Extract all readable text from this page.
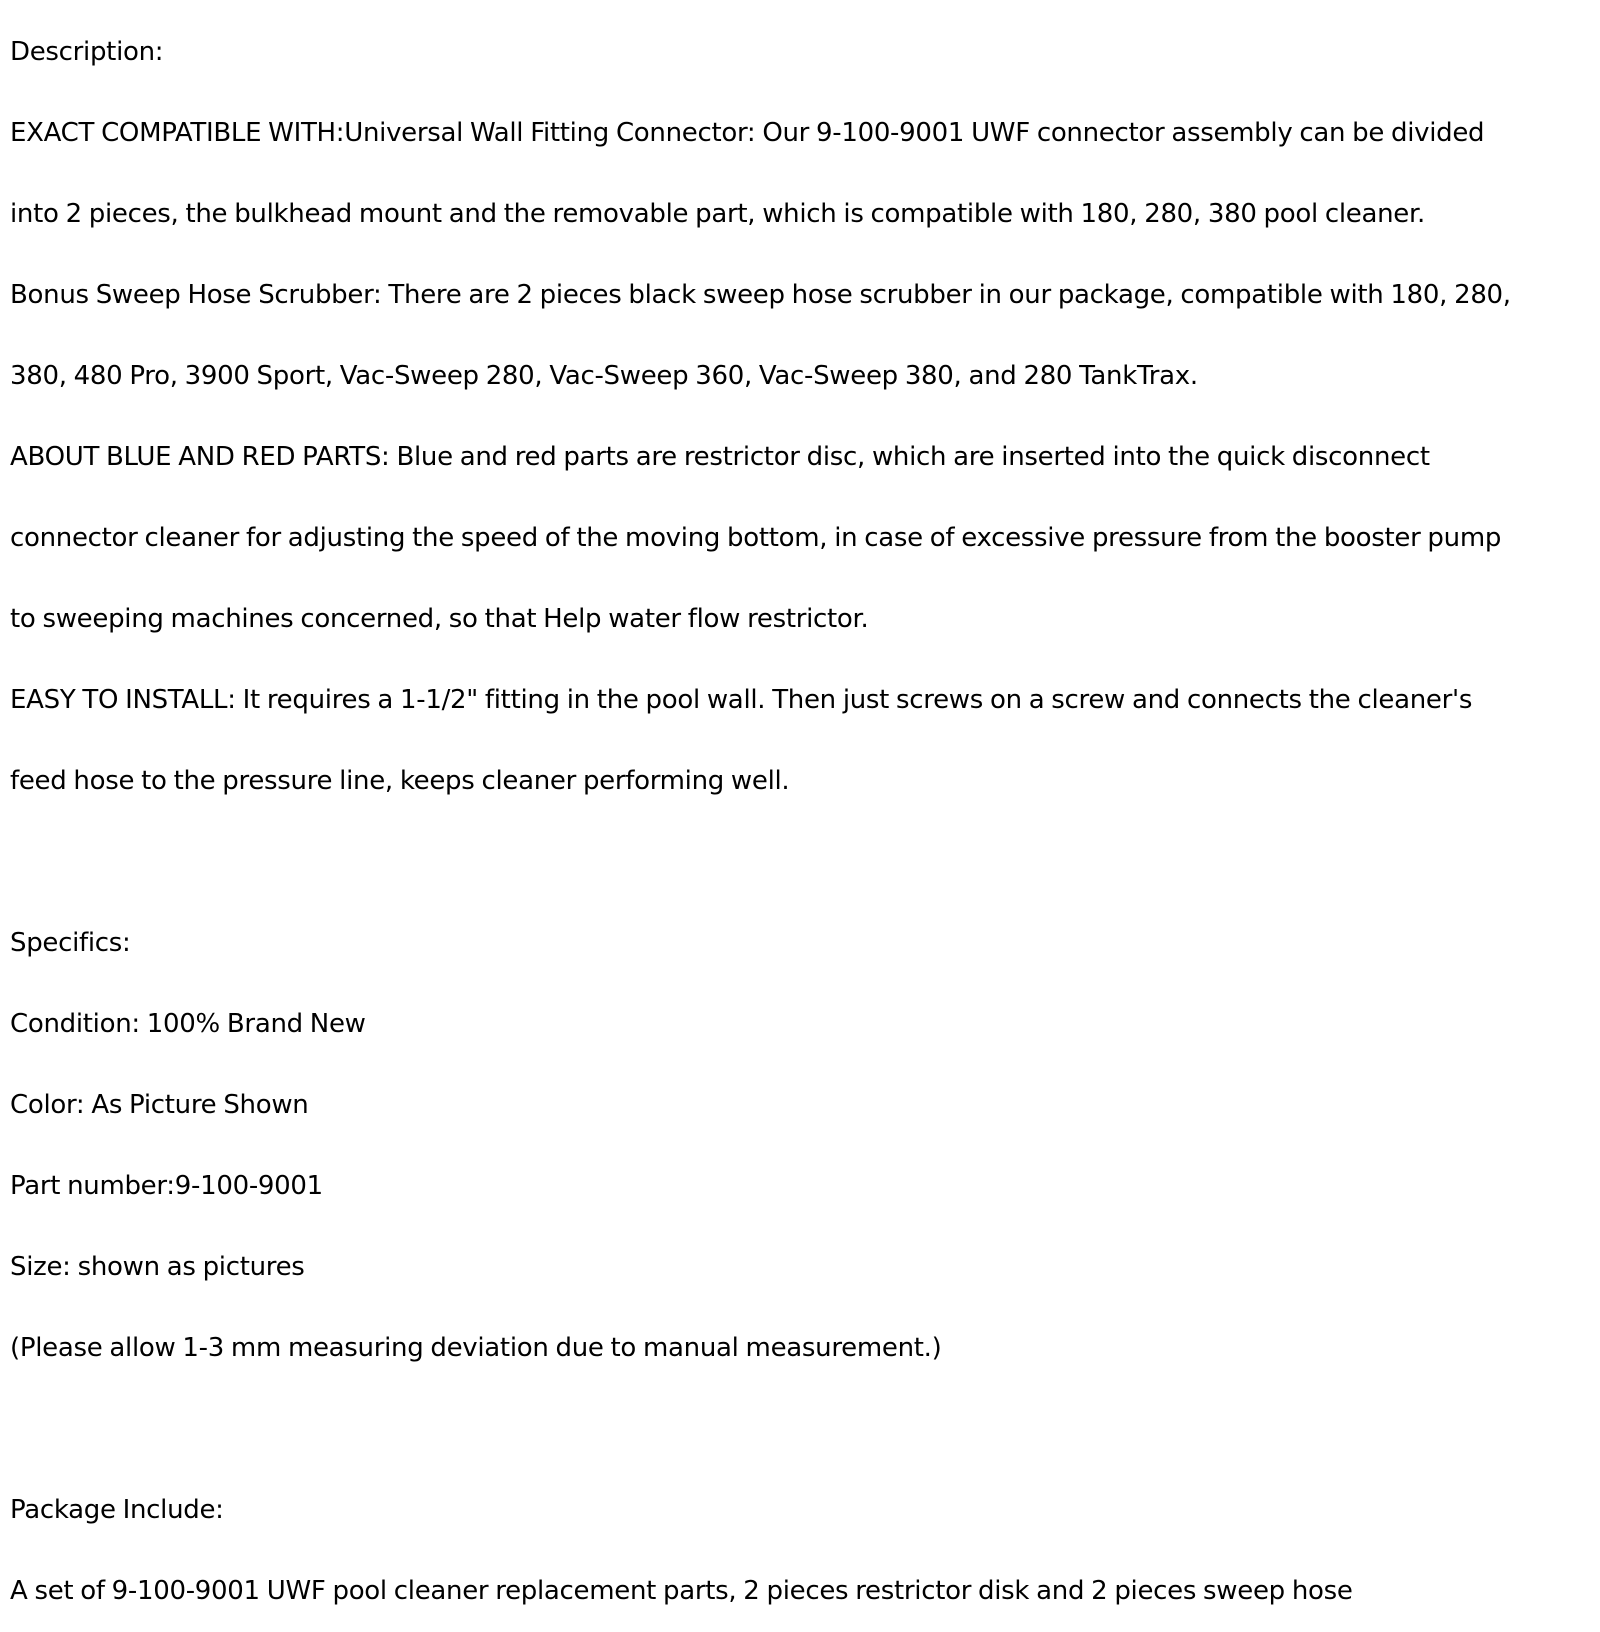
Description:
EXACT COMPATIBLE WITH:Universal Wall Fitting Connector: Our 9-100-9001 UWF connector assembly can be divided
into 2 pieces, the bulkhead mount and the removable part, which is compatible with 180, 280, 380 pool cleaner.
Bonus Sweep Hose Scrubber: There are 2 pieces black sweep hose scrubber in our package, compatible with 180, 280,
380, 480 Pro, 3900 Sport, Vac-Sweep 280, Vac-Sweep 360, Vac-Sweep 380, and 280 TankTrax.
ABOUT BLUE AND RED PARTS: Blue and red parts are restrictor disc, which are inserted into the quick disconnect
connector cleaner for adjusting the speed of the moving bottom, in case of excessive pressure from the booster pump
to sweeping machines concerned, so that Help water flow restrictor.
EASY TO INSTALL: It requires a 1-1/2" fitting in the pool wall. Then just screws on a screw and connects the cleaner's
feed hose to the pressure line, keeps cleaner performing well.
Specifics:
Condition: 100% Brand New
Color: As Picture Shown
Part number:9-100-9001
Size: shown as pictures
(Please allow 1-3 mm measuring deviation due to manual measurement.)
Package Include:
A set of 9-100-9001 UWF pool cleaner replacement parts, 2 pieces restrictor disk and 2 pieces sweep hose
